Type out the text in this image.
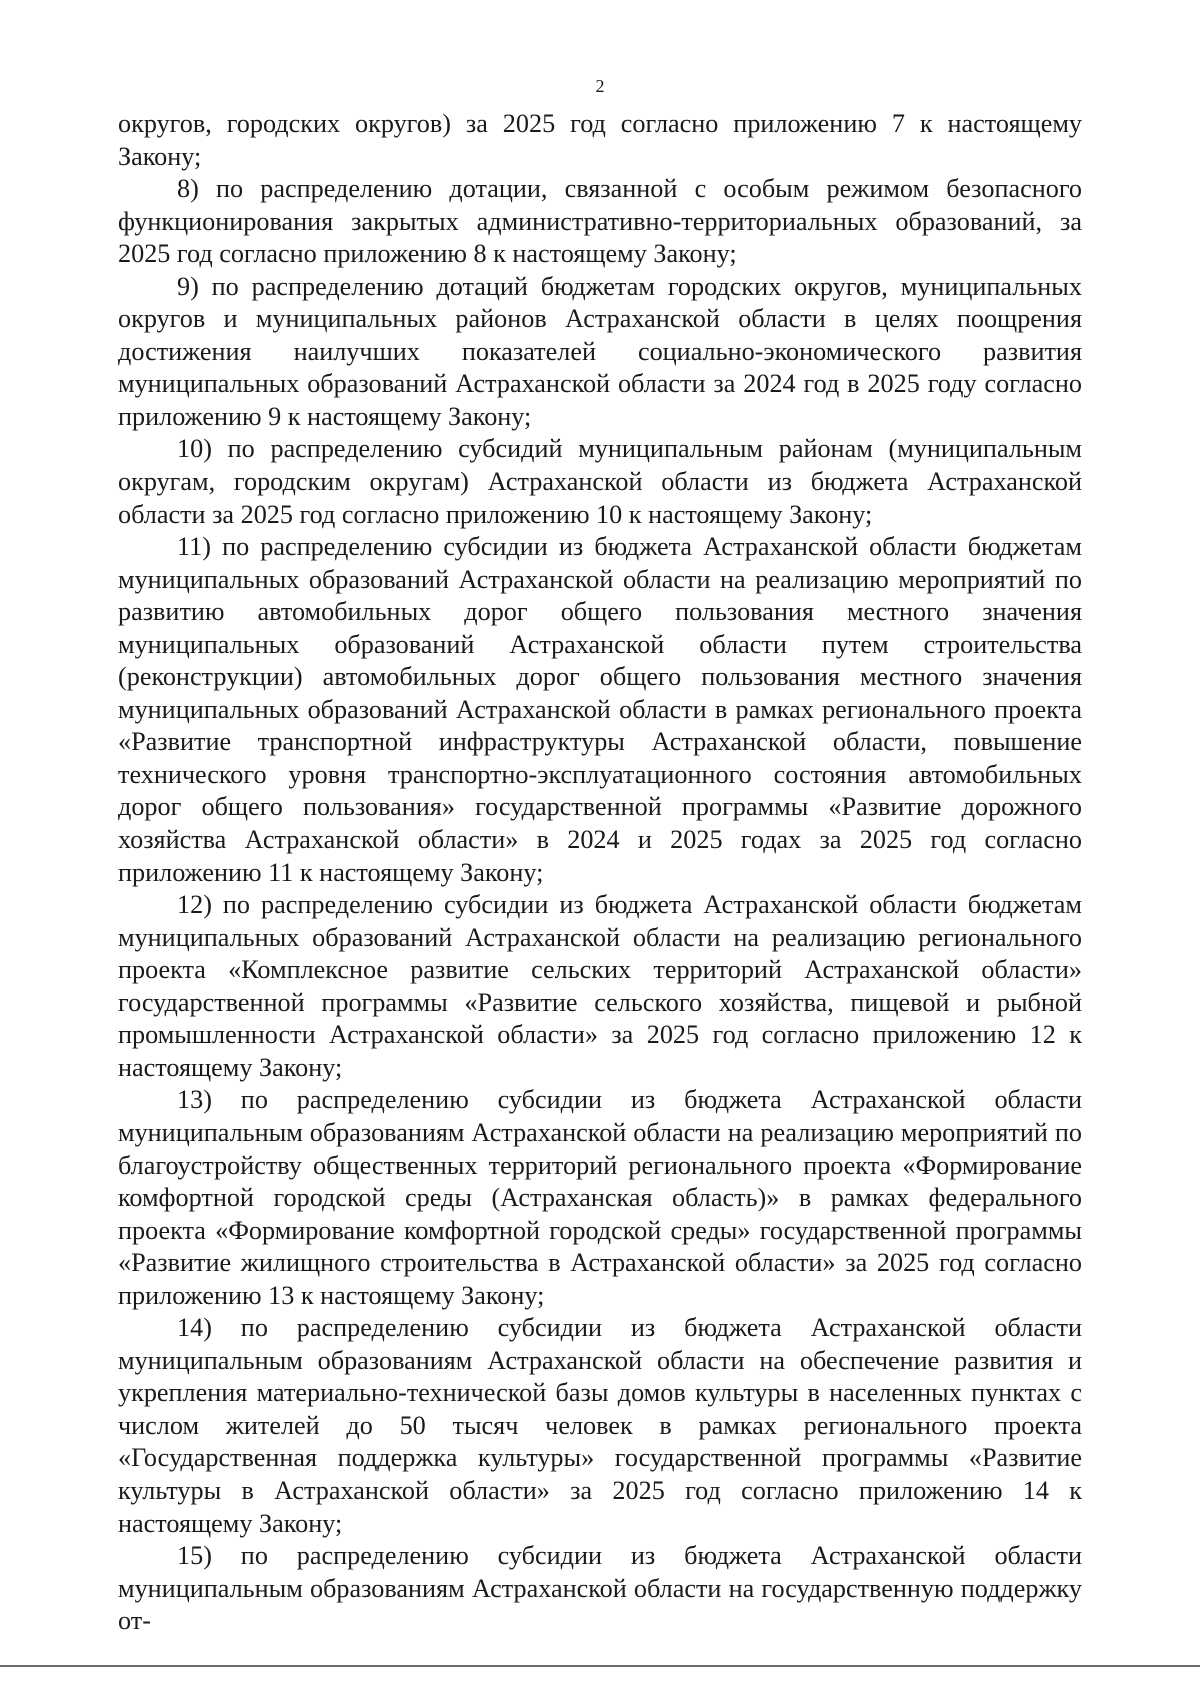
2

округов, городских округов) за 2025 год согласно приложению 7 к настоящему Закону;

8) по распределению дотации, связанной с особым режимом безопасного функционирования закрытых административно-территориальных образований, за 2025 год согласно приложению 8 к настоящему Закону;

9) по распределению дотаций бюджетам городских округов, муниципальных округов и муниципальных районов Астраханской области в целях поощрения достижения наилучших показателей социально-экономического развития муниципальных образований Астраханской области за 2024 год в 2025 году согласно приложению 9 к настоящему Закону;

10) по распределению субсидий муниципальным районам (муниципальным округам, городским округам) Астраханской области из бюджета Астраханской области за 2025 год согласно приложению 10 к настоящему Закону;

11) по распределению субсидии из бюджета Астраханской области бюджетам муниципальных образований Астраханской области на реализацию мероприятий по развитию автомобильных дорог общего пользования местного значения муниципальных образований Астраханской области путем строительства (реконструкции) автомобильных дорог общего пользования местного значения муниципальных образований Астраханской области в рамках регионального проекта «Развитие транспортной инфраструктуры Астраханской области, повышение технического уровня транспортно-эксплуатационного состояния автомобильных дорог общего пользования» государственной программы «Развитие дорожного хозяйства Астраханской области» в 2024 и 2025 годах за 2025 год согласно приложению 11 к настоящему Закону;

12) по распределению субсидии из бюджета Астраханской области бюджетам муниципальных образований Астраханской области на реализацию регионального проекта «Комплексное развитие сельских территорий Астраханской области» государственной программы «Развитие сельского хозяйства, пищевой и рыбной промышленности Астраханской области» за 2025 год согласно приложению 12 к настоящему Закону;

13) по распределению субсидии из бюджета Астраханской области муниципальным образованиям Астраханской области на реализацию мероприятий по благоустройству общественных территорий регионального проекта «Формирование комфортной городской среды (Астраханская область)» в рамках федерального проекта «Формирование комфортной городской среды» государственной программы «Развитие жилищного строительства в Астраханской области» за 2025 год согласно приложению 13 к настоящему Закону;

14) по распределению субсидии из бюджета Астраханской области муниципальным образованиям Астраханской области на обеспечение развития и укрепления материально-технической базы домов культуры в населенных пунктах с числом жителей до 50 тысяч человек в рамках регионального проекта «Государственная поддержка культуры» государственной программы «Развитие культуры в Астраханской области» за 2025 год согласно приложению 14 к настоящему Закону;

15) по распределению субсидии из бюджета Астраханской области муниципальным образованиям Астраханской области на государственную поддержку от-
